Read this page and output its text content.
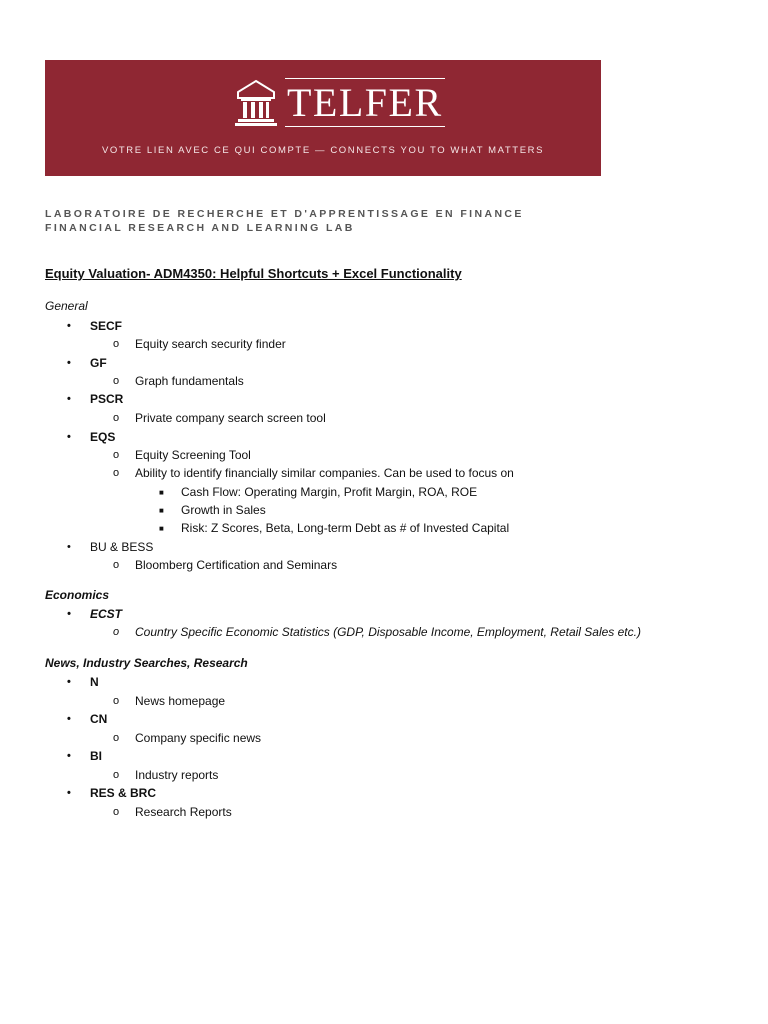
TELFER
VOTRE LIEN AVEC CE QUI COMPTE — CONNECTS YOU TO WHAT MATTERS
LABORATOIRE DE RECHERCHE ET D'APPRENTISSAGE EN FINANCE
FINANCIAL RESEARCH AND LEARNING LAB
Equity Valuation- ADM4350: Helpful Shortcuts + Excel Functionality
General
• SECF
o Equity search security finder
• GF
o Graph fundamentals
• PSCR
o Private company search screen tool
• EQS
o Equity Screening Tool
o Ability to identify financially similar companies. Can be used to focus on
■ Cash Flow: Operating Margin, Profit Margin, ROA, ROE
■ Growth in Sales
■ Risk: Z Scores, Beta, Long-term Debt as # of Invested Capital
• BU & BESS
o Bloomberg Certification and Seminars
Economics
• ECST
o Country Specific Economic Statistics (GDP, Disposable Income, Employment, Retail Sales etc.)
News, Industry Searches, Research
• N
o News homepage
• CN
o Company specific news
• BI
o Industry reports
• RES & BRC
o Research Reports
